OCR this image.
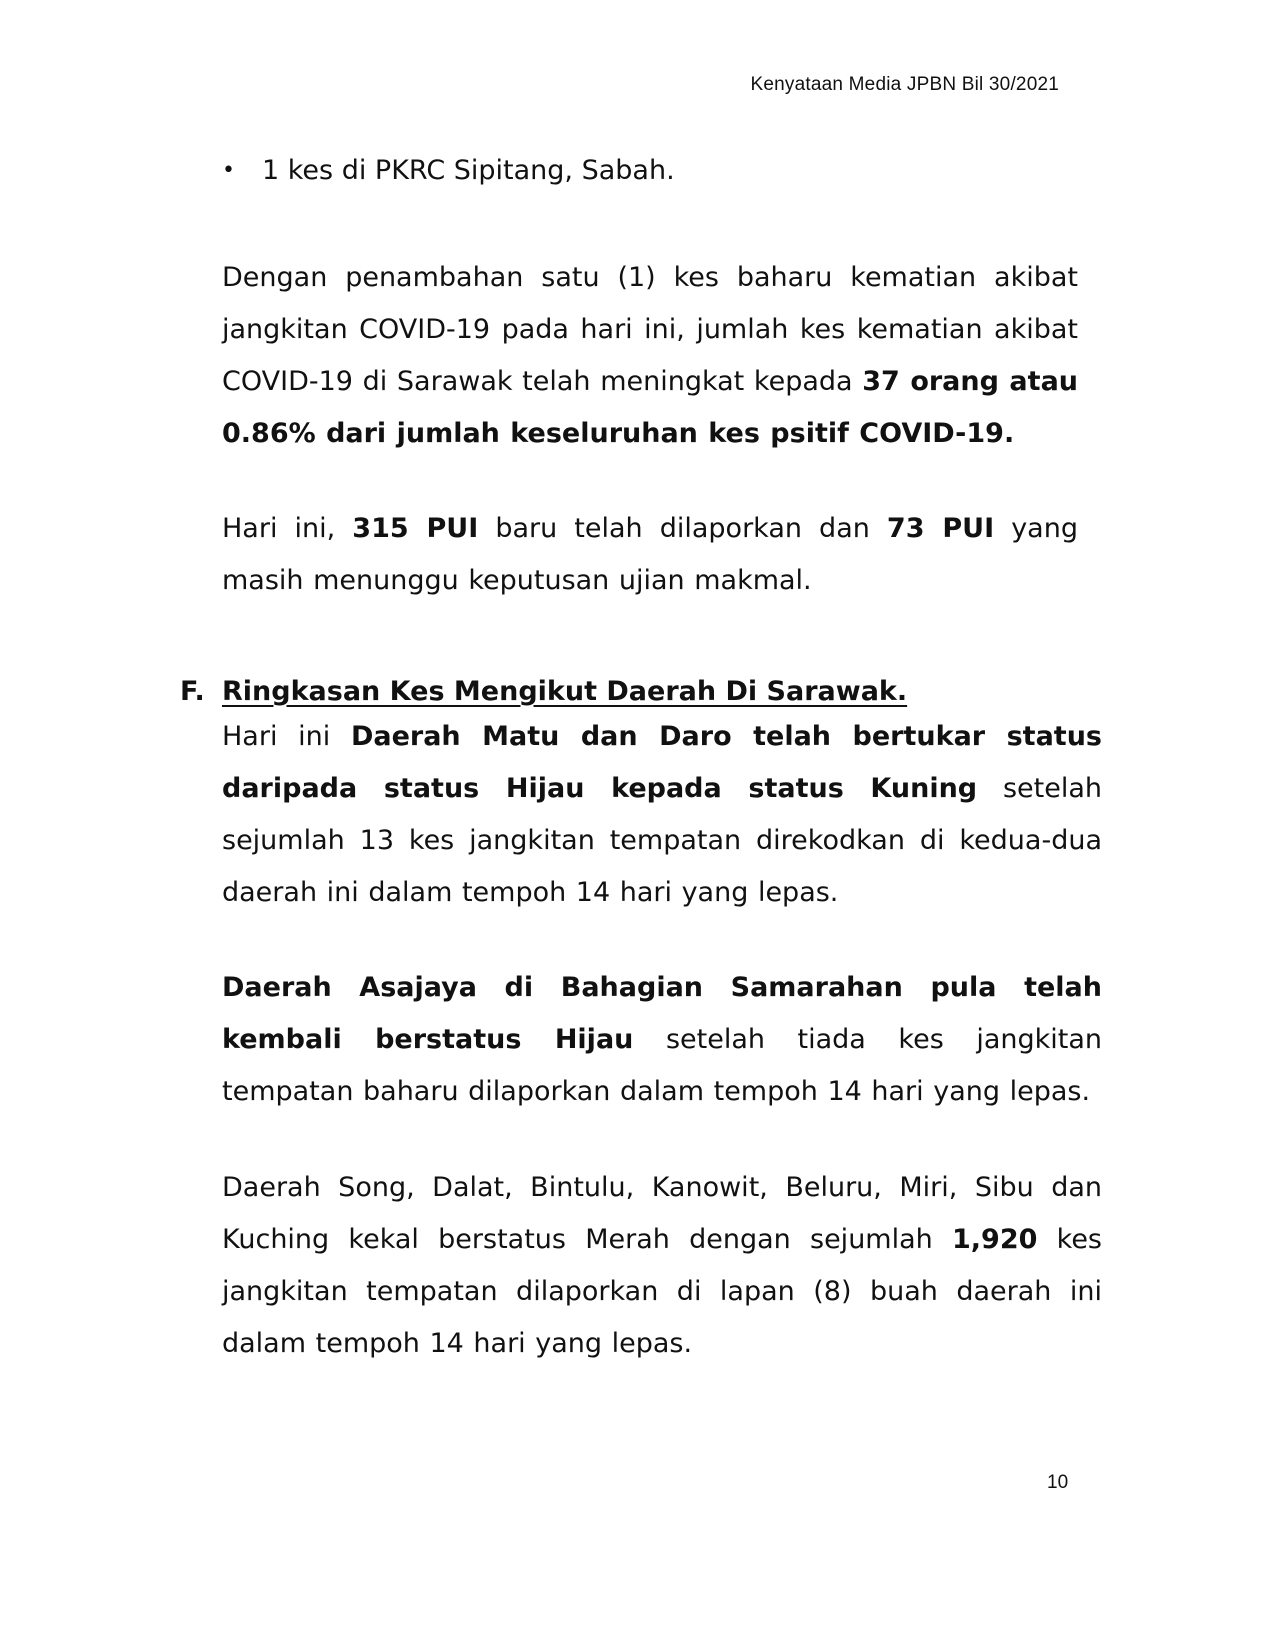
Kenyataan Media JPBN Bil 30/2021
• 1 kes di PKRC Sipitang, Sabah.

Dengan penambahan satu (1) kes baharu kematian akibat jangkitan COVID-19 pada hari ini, jumlah kes kematian akibat COVID-19 di Sarawak telah meningkat kepada 37 orang atau 0.86% dari jumlah keseluruhan kes psitif COVID-19.

Hari ini, 315 PUI baru telah dilaporkan dan 73 PUI yang masih menunggu keputusan ujian makmal.

F. Ringkasan Kes Mengikut Daerah Di Sarawak.

Hari ini Daerah Matu dan Daro telah bertukar status daripada status Hijau kepada status Kuning setelah sejumlah 13 kes jangkitan tempatan direkodkan di kedua-dua daerah ini dalam tempoh 14 hari yang lepas.

Daerah Asajaya di Bahagian Samarahan pula telah kembali berstatus Hijau setelah tiada kes jangkitan tempatan baharu dilaporkan dalam tempoh 14 hari yang lepas.

Daerah Song, Dalat, Bintulu, Kanowit, Beluru, Miri, Sibu dan Kuching kekal berstatus Merah dengan sejumlah 1,920 kes jangkitan tempatan dilaporkan di lapan (8) buah daerah ini dalam tempoh 14 hari yang lepas.

10
